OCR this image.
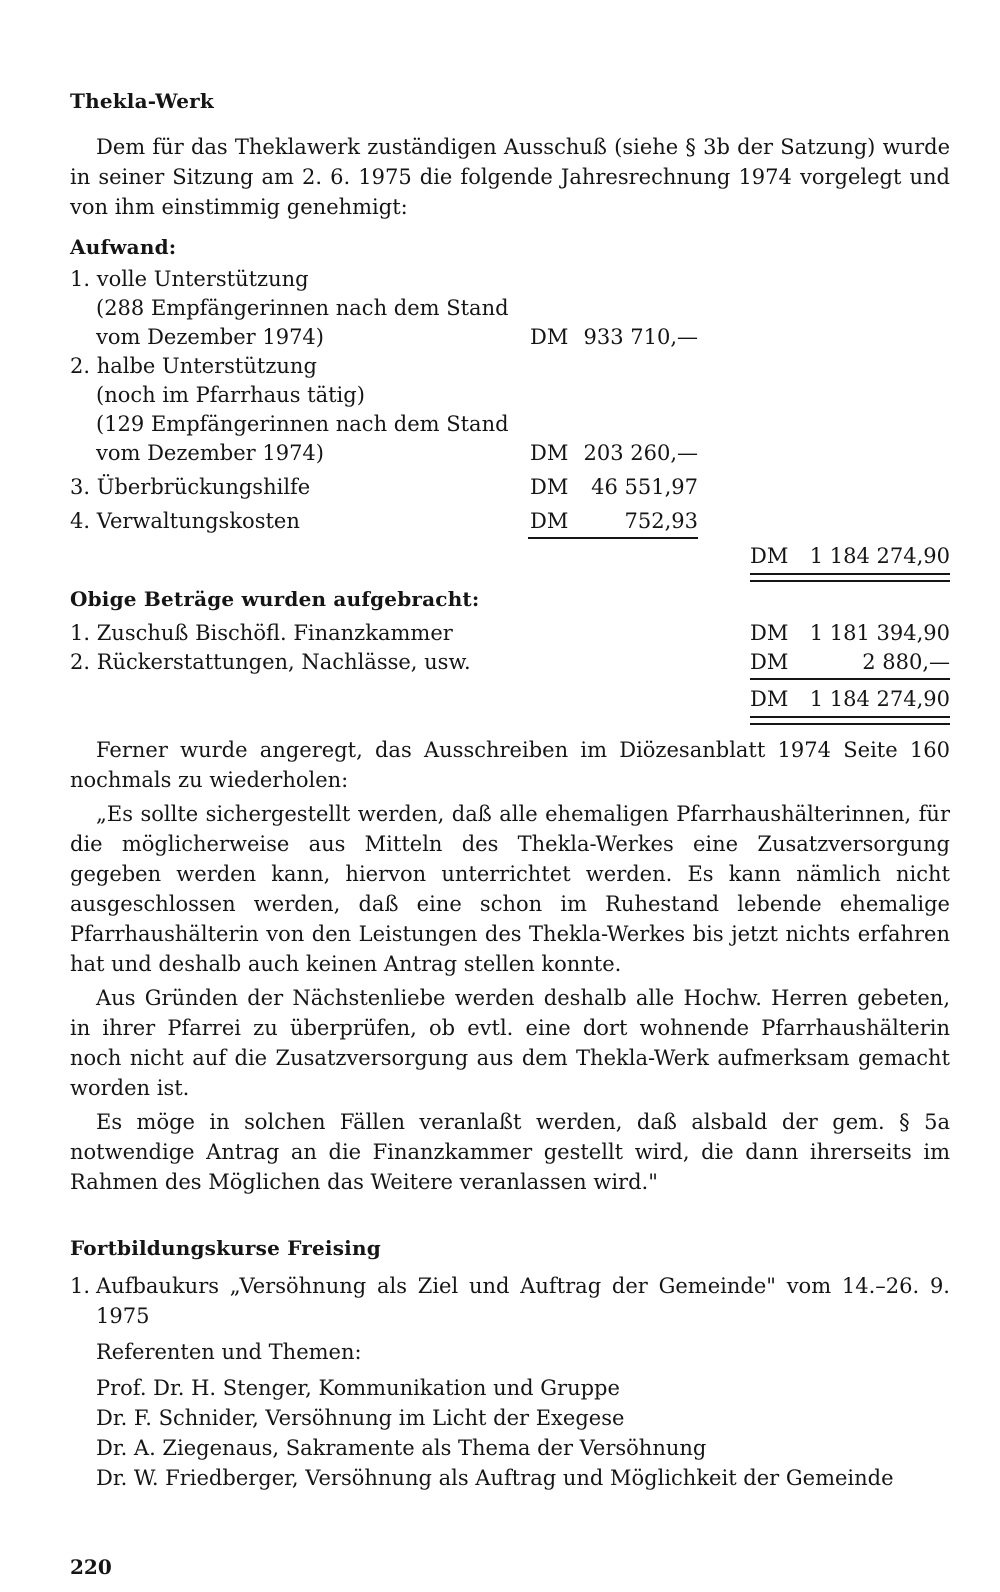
Thekla-Werk

Dem für das Theklawerk zuständigen Ausschuß (siehe § 3b der Satzung) wurde in seiner Sitzung am 2. 6. 1975 die folgende Jahresrechnung 1974 vorgelegt und von ihm einstimmig genehmigt:

Aufwand:
1. volle Unterstützung
(288 Empfängerinnen nach dem Stand
vom Dezember 1974)	DM 933 710,—
2. halbe Unterstützung
(noch im Pfarrhaus tätig)
(129 Empfängerinnen nach dem Stand
vom Dezember 1974)	DM 203 260,—
3. Überbrückungshilfe	DM 46 551,97
4. Verwaltungskosten	DM	752,93
DM 1 184 274,90
Obige Beträge wurden aufgebracht:
1. Zuschuß Bischöfl. Finanzkammer	DM 1 181 394,90
2. Rückerstattungen, Nachlässe, usw.	DM	2 880,—
DM 1 184 274,90

Ferner wurde angeregt, das Ausschreiben im Diözesanblatt 1974 Seite 160 nochmals zu wiederholen:

„Es sollte sichergestellt werden, daß alle ehemaligen Pfarrhaushälterinnen, für die möglicherweise aus Mitteln des Thekla-Werkes eine Zusatzversorgung gegeben werden kann, hiervon unterrichtet werden. Es kann nämlich nicht ausgeschlossen werden, daß eine schon im Ruhestand lebende ehemalige Pfarrhaushälterin von den Leistungen des Thekla-Werkes bis jetzt nichts erfahren hat und deshalb auch keinen Antrag stellen konnte.

Aus Gründen der Nächstenliebe werden deshalb alle Hochw. Herren gebeten, in ihrer Pfarrei zu überprüfen, ob evtl. eine dort wohnende Pfarrhaushälterin noch nicht auf die Zusatzversorgung aus dem Thekla-Werk aufmerksam gemacht worden ist.

Es möge in solchen Fällen veranlaßt werden, daß alsbald der gem. § 5a notwendige Antrag an die Finanzkammer gestellt wird, die dann ihrerseits im Rahmen des Möglichen das Weitere veranlassen wird."

Fortbildungskurse Freising
1. Aufbaukurs „Versöhnung als Ziel und Auftrag der Gemeinde" vom 14.–26. 9. 1975
Referenten und Themen:
Prof. Dr. H. Stenger, Kommunikation und Gruppe
Dr. F. Schnider, Versöhnung im Licht der Exegese
Dr. A. Ziegenaus, Sakramente als Thema der Versöhnung
Dr. W. Friedberger, Versöhnung als Auftrag und Möglichkeit der Gemeinde
220
